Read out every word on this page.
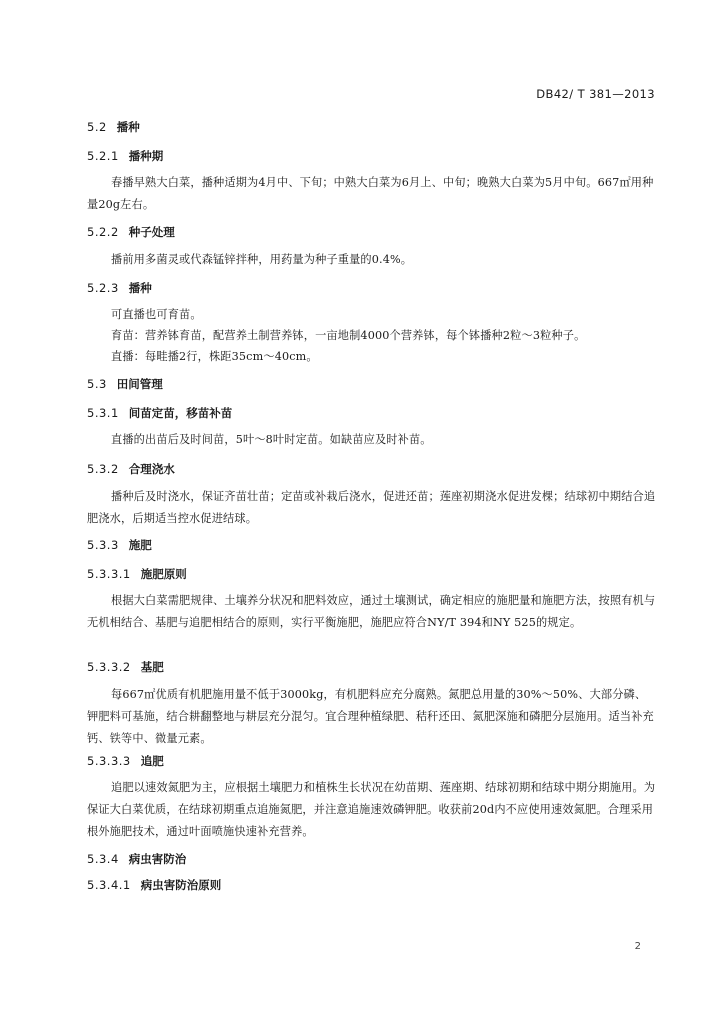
DB42/ T 381—2013
5.2 播种
5.2.1 播种期
春播早熟大白菜，播种适期为4月中、下旬；中熟大白菜为6月上、中旬；晚熟大白菜为5月中旬。667㎡用种量20g左右。
5.2.2 种子处理
播前用多菌灵或代森锰锌拌种，用药量为种子重量的0.4%。
5.2.3 播种
可直播也可育苗。
育苗：营养钵育苗，配营养土制营养钵，一亩地制4000个营养钵，每个钵播种2粒～3粒种子。
直播：每畦播2行，株距35cm～40cm。
5.3 田间管理
5.3.1 间苗定苗，移苗补苗
直播的出苗后及时间苗，5叶～8叶时定苗。如缺苗应及时补苗。
5.3.2 合理浇水
播种后及时浇水，保证齐苗壮苗；定苗或补栽后浇水，促进还苗；莲座初期浇水促进发棵；结球初中期结合追肥浇水，后期适当控水促进结球。
5.3.3 施肥
5.3.3.1 施肥原则
根据大白菜需肥规律、土壤养分状况和肥料效应，通过土壤测试，确定相应的施肥量和施肥方法，按照有机与无机相结合、基肥与追肥相结合的原则，实行平衡施肥，施肥应符合NY/T 394和NY 525的规定。
5.3.3.2 基肥
每667㎡优质有机肥施用量不低于3000kg，有机肥料应充分腐熟。氮肥总用量的30%～50%、大部分磷、钾肥料可基施，结合耕翻整地与耕层充分混匀。宜合理种植绿肥、秸秆还田、氮肥深施和磷肥分层施用。适当补充钙、铁等中、微量元素。
5.3.3.3 追肥
追肥以速效氮肥为主，应根据土壤肥力和植株生长状况在幼苗期、莲座期、结球初期和结球中期分期施用。为保证大白菜优质，在结球初期重点追施氮肥，并注意追施速效磷钾肥。收获前20d内不应使用速效氮肥。合理采用根外施肥技术，通过叶面喷施快速补充营养。
5.3.4 病虫害防治
5.3.4.1 病虫害防治原则
2
